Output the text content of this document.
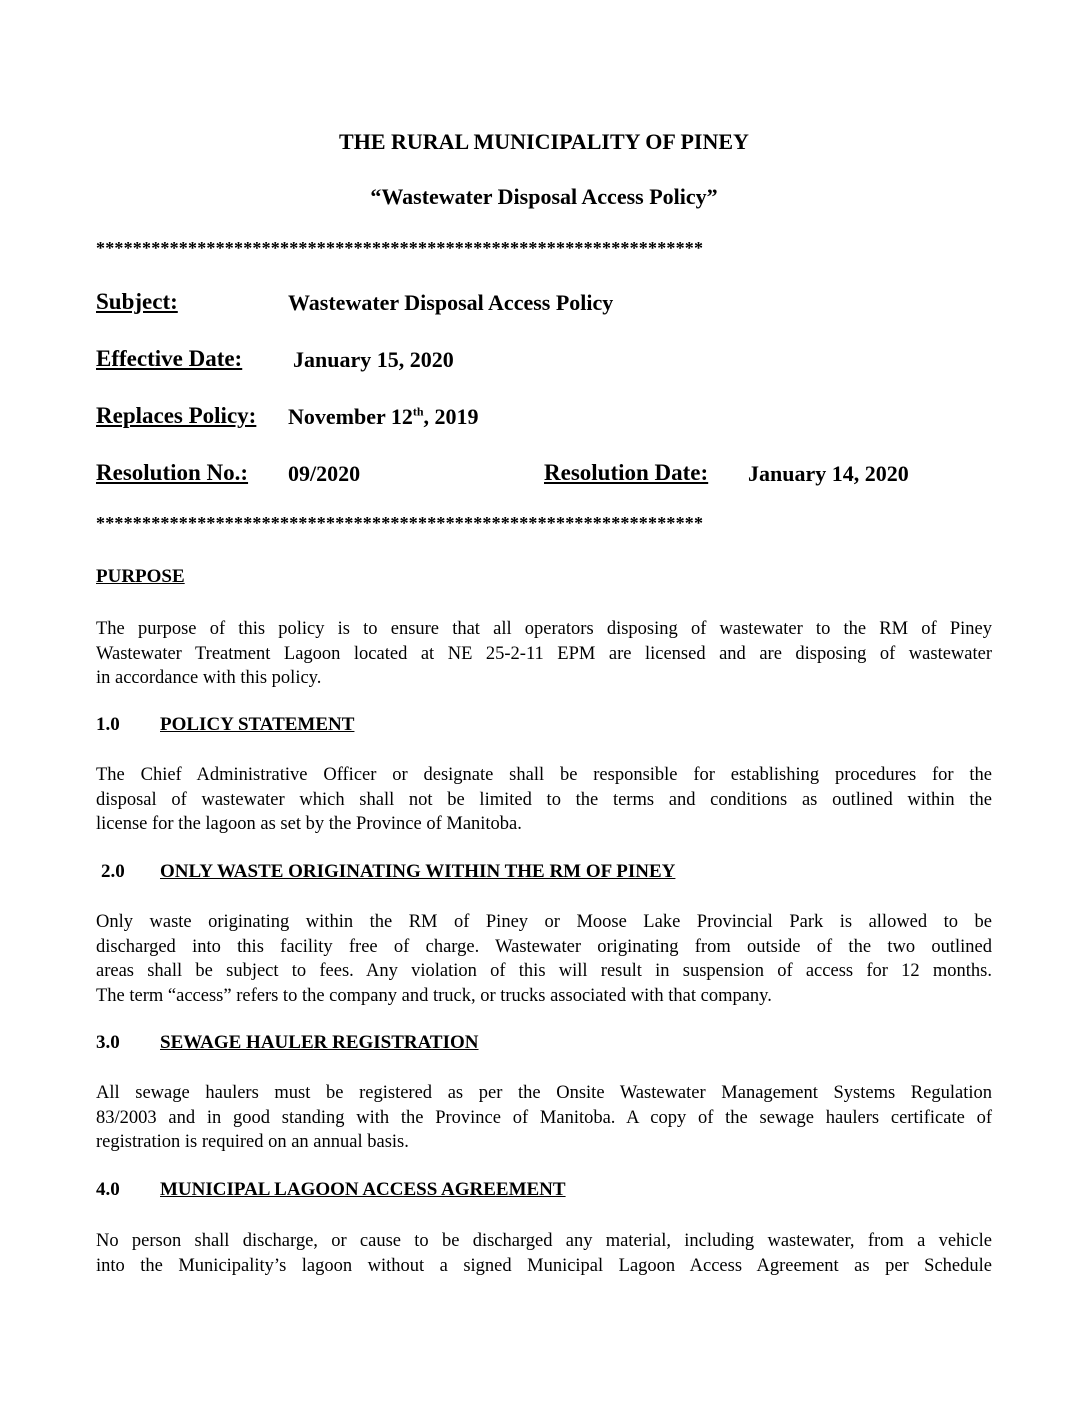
THE RURAL MUNICIPALITY OF PINEY
“Wastewater Disposal Access Policy”
******************************************************************
Subject:	Wastewater Disposal Access Policy
Effective Date: January 15, 2020
Replaces Policy: November 12th, 2019
Resolution No.: 09/2020	Resolution Date: January 14, 2020
******************************************************************
PURPOSE
The purpose of this policy is to ensure that all operators disposing of wastewater to the RM of Piney
Wastewater Treatment Lagoon located at NE 25-2-11 EPM are licensed and are disposing of wastewater
in accordance with this policy.
1.0 POLICY STATEMENT
The Chief Administrative Officer or designate shall be responsible for establishing procedures for the
disposal of wastewater which shall not be limited to the terms and conditions as outlined within the
license for the lagoon as set by the Province of Manitoba.
2.0 ONLY WASTE ORIGINATING WITHIN THE RM OF PINEY
Only waste originating within the RM of Piney or Moose Lake Provincial Park is allowed to be
discharged into this facility free of charge. Wastewater originating from outside of the two outlined
areas shall be subject to fees. Any violation of this will result in suspension of access for 12 months.
The term “access” refers to the company and truck, or trucks associated with that company.
3.0 SEWAGE HAULER REGISTRATION
All sewage haulers must be registered as per the Onsite Wastewater Management Systems Regulation
83/2003 and in good standing with the Province of Manitoba. A copy of the sewage haulers certificate of
registration is required on an annual basis.
4.0 MUNICIPAL LAGOON ACCESS AGREEMENT
No person shall discharge, or cause to be discharged any material, including wastewater, from a vehicle
into the Municipality’s lagoon without a signed Municipal Lagoon Access Agreement as per Schedule
